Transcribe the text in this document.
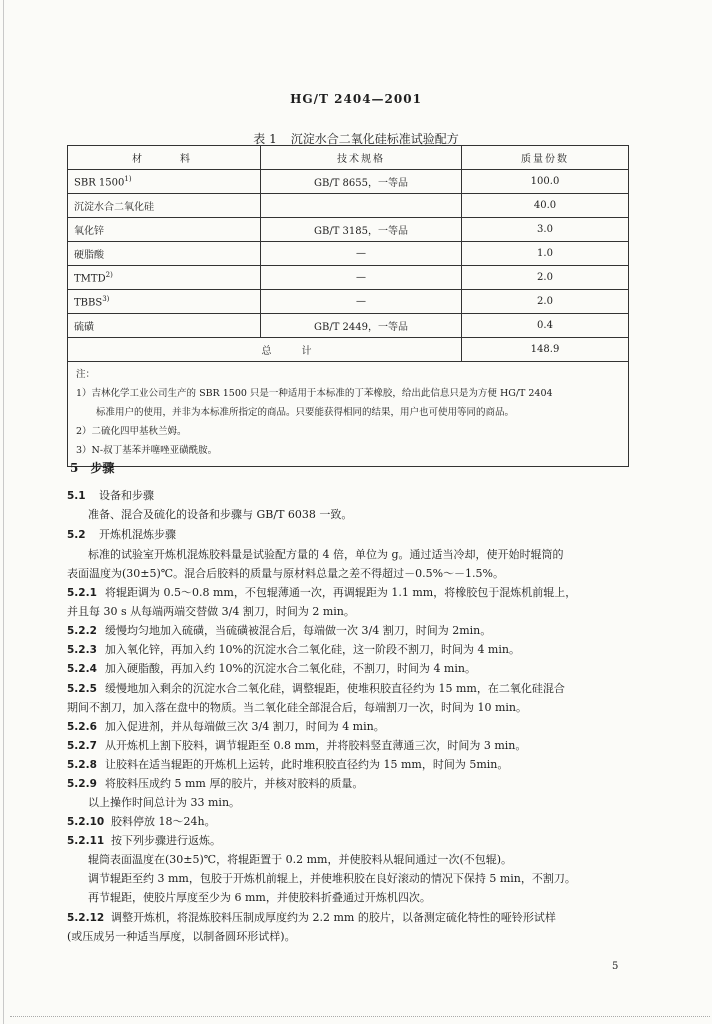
HG/T 2404—2001
表 1 沉淀水合二氧化硅标准试验配方
材　　料	技术规格	质量份数
SBR 1500$^{1)}$	GB/T 8655，一等品	100.0
沉淀水合二氧化硅		40.0
氧化锌	GB/T 3185，一等品	3.0
硬脂酸	—	1.0
TMTD$^{2)}$	—	2.0
TBBS$^{3)}$	—	2.0
硫磺	GB/T 2449，一等品	0.4
总　计		148.9

注：
1）吉林化学工业公司生产的 SBR 1500 只是一种适用于本标准的丁苯橡胶，给出此信息只是为方便 HG/T 2404
标准用户的使用，并非为本标准所指定的商品。只要能获得相同的结果，用户也可使用等同的商品。
2）二硫化四甲基秋兰姆。
3）N-叔丁基苯并噻唑亚磺酰胺。		
5 步骤
5.1 设备和步骤
准备、混合及硫化的设备和步骤与 GB/T 6038 一致。
5.2 开炼机混炼步骤
标准的试验室开炼机混炼胶料量是试验配方量的 4 倍，单位为 g。通过适当冷却，使开始时辊筒的
表面温度为(30±5)℃。混合后胶料的质量与原材料总量之差不得超过－0.5%～－1.5%。
5.2.1 将辊距调为 0.5～0.8 mm，不包辊薄通一次，再调辊距为 1.1 mm，将橡胶包于混炼机前辊上，
并且每 30 s 从每端两端交替做 3/4 割刀，时间为 2 min。
5.2.2 缓慢均匀地加入硫磺，当硫磺被混合后，每端做一次 3/4 割刀，时间为 2min。
5.2.3 加入氧化锌，再加入约 10%的沉淀水合二氧化硅，这一阶段不割刀，时间为 4 min。
5.2.4 加入硬脂酸，再加入约 10%的沉淀水合二氧化硅，不割刀，时间为 4 min。
5.2.5 缓慢地加入剩余的沉淀水合二氧化硅，调整辊距，使堆积胶直径约为 15 mm，在二氧化硅混合
期间不割刀，加入落在盘中的物质。当二氧化硅全部混合后，每端割刀一次，时间为 10 min。
5.2.6 加入促进剂，并从每端做三次 3/4 割刀，时间为 4 min。
5.2.7 从开炼机上割下胶料，调节辊距至 0.8 mm，并将胶料竖直薄通三次，时间为 3 min。
5.2.8 让胶料在适当辊距的开炼机上运转，此时堆积胶直径约为 15 mm，时间为 5min。
5.2.9 将胶料压成约 5 mm 厚的胶片，并核对胶料的质量。
以上操作时间总计为 33 min。
5.2.10 胶料停放 18～24h。
5.2.11 按下列步骤进行返炼。
辊筒表面温度在(30±5)℃，将辊距置于 0.2 mm，并使胶料从辊间通过一次(不包辊)。
调节辊距至约 3 mm，包胶于开炼机前辊上，并使堆积胶在良好滚动的情况下保持 5 min，不割刀。
再节辊距，使胶片厚度至少为 6 mm，并使胶料折叠通过开炼机四次。
5.2.12 调整开炼机，将混炼胶料压制成厚度约为 2.2 mm 的胶片，以备测定硫化特性的哑铃形试样
(或压成另一种适当厚度，以制备圆环形试样)。
5
